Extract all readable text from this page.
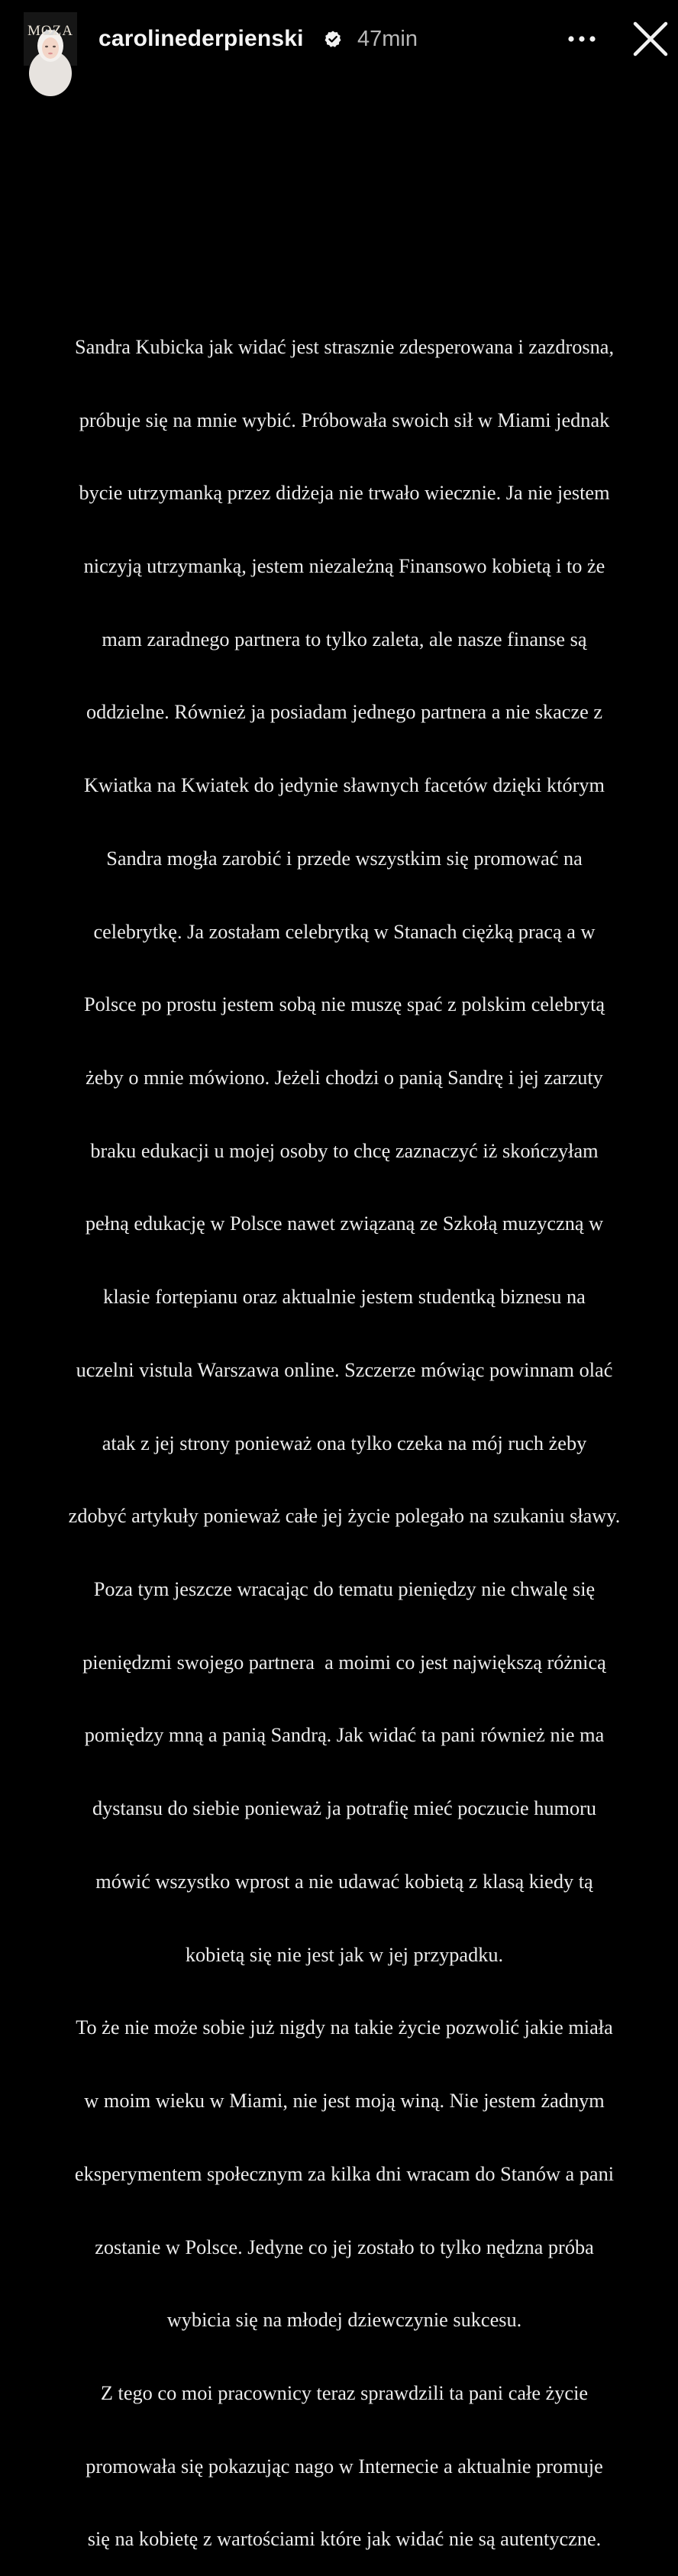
MOZA carolinederpienski 47min

Sandra Kubicka jak widać jest strasznie zdesperowana i zazdrosna,

próbuje się na mnie wybić. Próbowała swoich sił w Miami jednak

bycie utrzymanką przez didżeja nie trwało wiecznie. Ja nie jestem

niczyją utrzymanką, jestem niezależną Finansowo kobietą i to że

mam zaradnego partnera to tylko zaleta, ale nasze finanse są

oddzielne. Również ja posiadam jednego partnera a nie skacze z

Kwiatka na Kwiatek do jedynie sławnych facetów dzięki którym

Sandra mogła zarobić i przede wszystkim się promować na

celebrytkę. Ja zostałam celebrytką w Stanach ciężką pracą a w

Polsce po prostu jestem sobą nie muszę spać z polskim celebrytą

żeby o mnie mówiono. Jeżeli chodzi o panią Sandrę i jej zarzuty

braku edukacji u mojej osoby to chcę zaznaczyć iż skończyłam

pełną edukację w Polsce nawet związaną ze Szkołą muzyczną w

klasie fortepianu oraz aktualnie jestem studentką biznesu na

uczelni vistula Warszawa online. Szczerze mówiąc powinnam olać

atak z jej strony ponieważ ona tylko czeka na mój ruch żeby

zdobyć artykuły ponieważ całe jej życie polegało na szukaniu sławy.

Poza tym jeszcze wracając do tematu pieniędzy nie chwalę się

pieniędzmi swojego partnera  a moimi co jest największą różnicą

pomiędzy mną a panią Sandrą. Jak widać ta pani również nie ma

dystansu do siebie ponieważ ja potrafię mieć poczucie humoru

mówić wszystko wprost a nie udawać kobietą z klasą kiedy tą

kobietą się nie jest jak w jej przypadku.

To że nie może sobie już nigdy na takie życie pozwolić jakie miała

w moim wieku w Miami, nie jest moją winą. Nie jestem żadnym

eksperymentem społecznym za kilka dni wracam do Stanów a pani

zostanie w Polsce. Jedyne co jej zostało to tylko nędzna próba

wybicia się na młodej dziewczynie sukcesu.

Z tego co moi pracownicy teraz sprawdzili ta pani całe życie

promowała się pokazując nago w Internecie a aktualnie promuje

się na kobietę z wartościami które jak widać nie są autentyczne.
